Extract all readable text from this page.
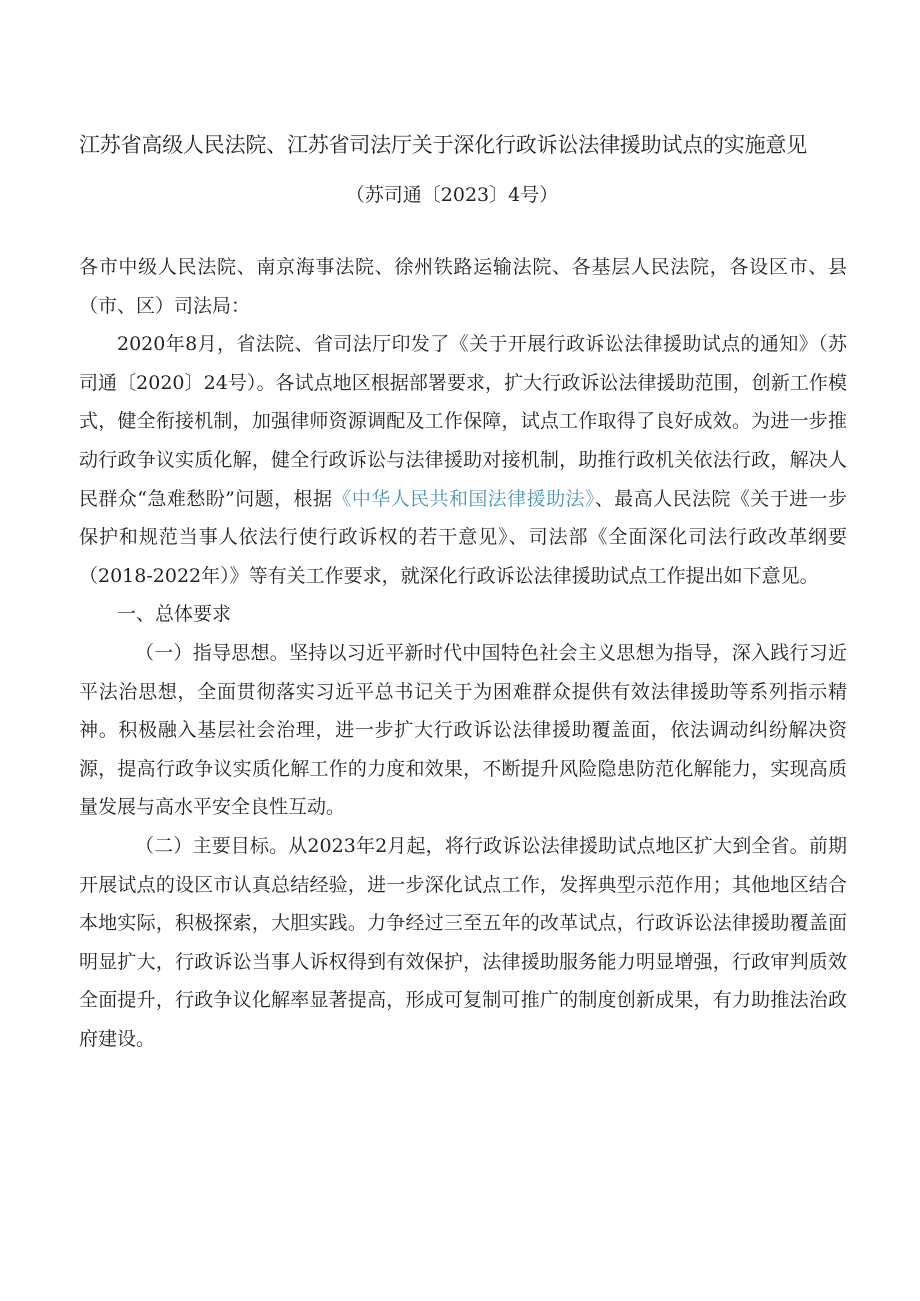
江苏省高级人民法院、江苏省司法厅关于深化行政诉讼法律援助试点的实施意见
（苏司通〔2023〕4号）

各市中级人民法院、南京海事法院、徐州铁路运输法院、各基层人民法院，各设区市、县（市、区）司法局：

2020年8月，省法院、省司法厅印发了《关于开展行政诉讼法律援助试点的通知》（苏司通〔2020〕24号）。各试点地区根据部署要求，扩大行政诉讼法律援助范围，创新工作模式，健全衔接机制，加强律师资源调配及工作保障，试点工作取得了良好成效。为进一步推动行政争议实质化解，健全行政诉讼与法律援助对接机制，助推行政机关依法行政，解决人民群众“急难愁盼”问题，根据《中华人民共和国法律援助法》、最高人民法院《关于进一步保护和规范当事人依法行使行政诉权的若干意见》、司法部《全面深化司法行政改革纲要（2018-2022年）》等有关工作要求，就深化行政诉讼法律援助试点工作提出如下意见。

一、总体要求

（一）指导思想。坚持以习近平新时代中国特色社会主义思想为指导，深入践行习近平法治思想，全面贯彻落实习近平总书记关于为困难群众提供有效法律援助等系列指示精神。积极融入基层社会治理，进一步扩大行政诉讼法律援助覆盖面，依法调动纠纷解决资源，提高行政争议实质化解工作的力度和效果，不断提升风险隐患防范化解能力，实现高质量发展与高水平安全良性互动。

（二）主要目标。从2023年2月起，将行政诉讼法律援助试点地区扩大到全省。前期开展试点的设区市认真总结经验，进一步深化试点工作，发挥典型示范作用；其他地区结合本地实际，积极探索，大胆实践。力争经过三至五年的改革试点，行政诉讼法律援助覆盖面明显扩大，行政诉讼当事人诉权得到有效保护，法律援助服务能力明显增强，行政审判质效全面提升，行政争议化解率显著提高，形成可复制可推广的制度创新成果，有力助推法治政府建设。
